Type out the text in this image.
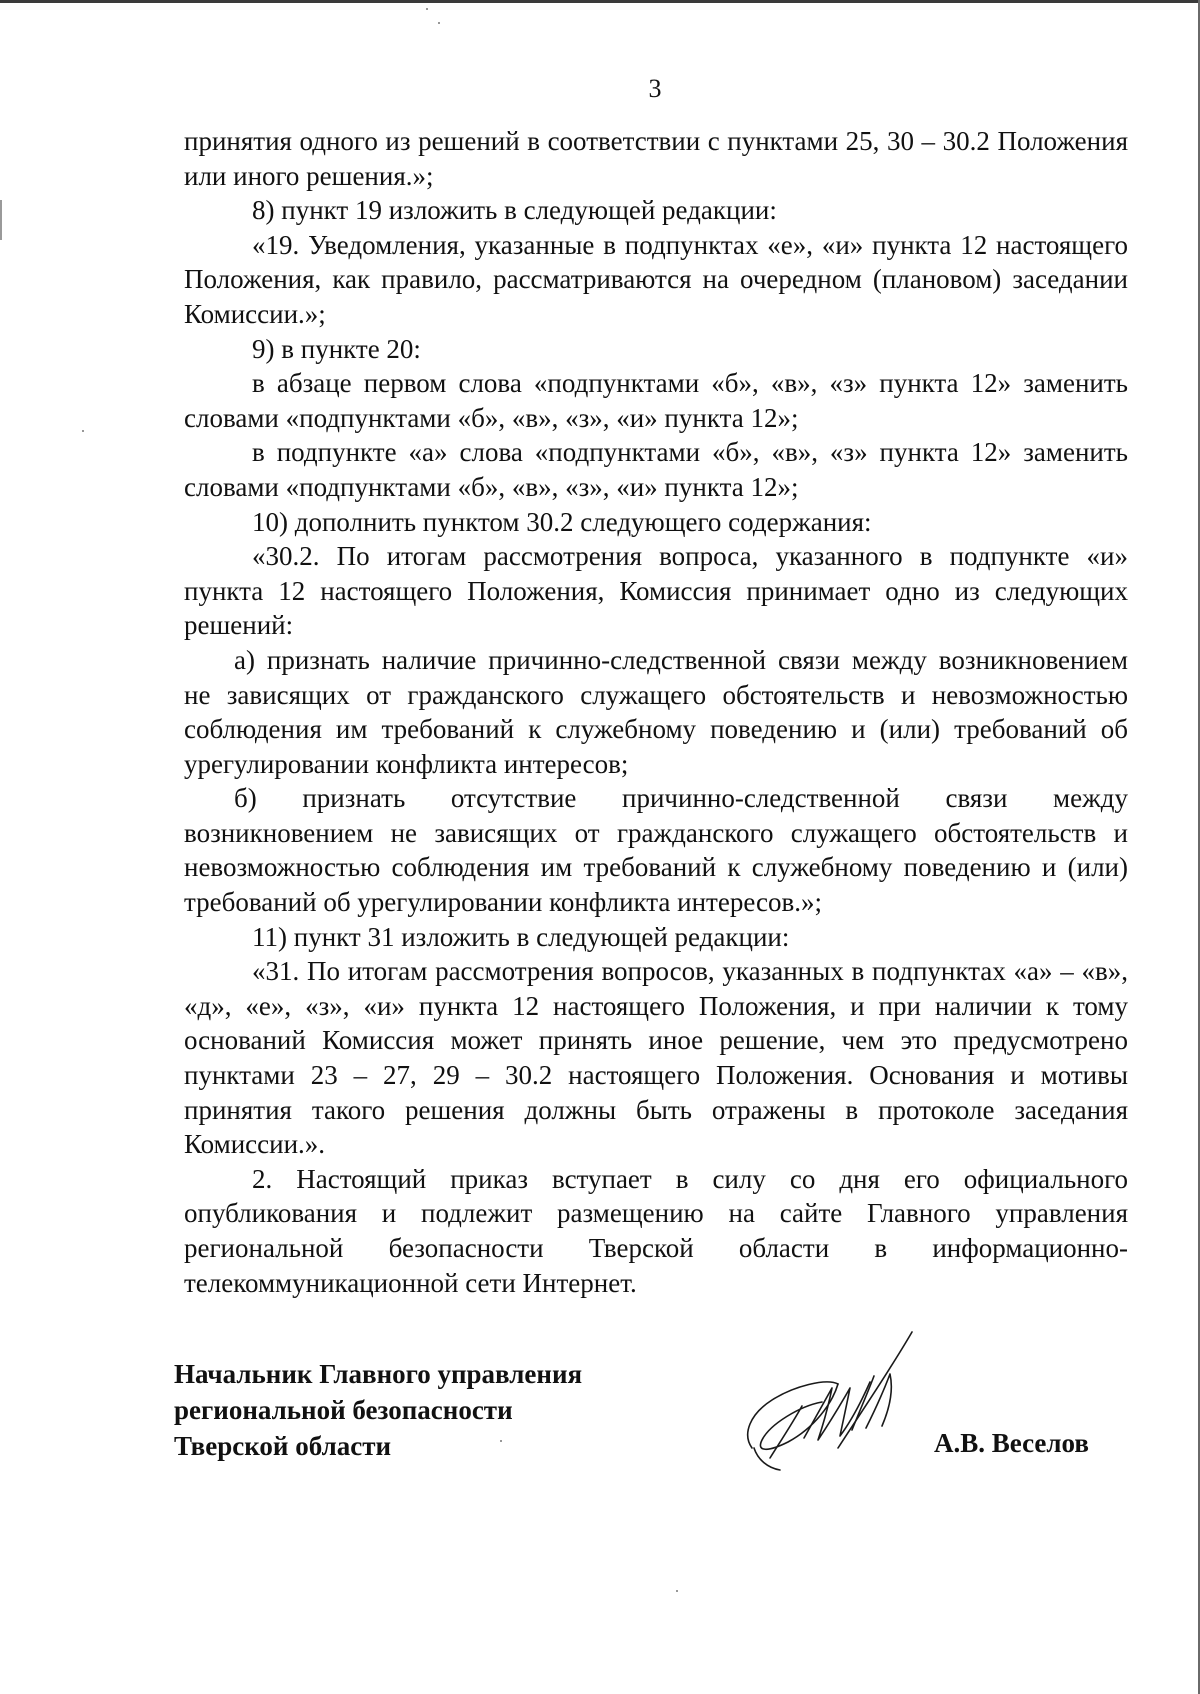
3

принятия одного из решений в соответствии с пунктами 25, 30 – 30.2 Положения или иного решения.»;

8) пункт 19 изложить в следующей редакции:

«19. Уведомления, указанные в подпунктах «е», «и» пункта 12 настоящего Положения, как правило, рассматриваются на очередном (плановом) заседании Комиссии.»;

9) в пункте 20:

в абзаце первом слова «подпунктами «б», «в», «з» пункта 12» заменить словами «подпунктами «б», «в», «з», «и» пункта 12»;

в подпункте «а» слова «подпунктами «б», «в», «з» пункта 12» заменить словами «подпунктами «б», «в», «з», «и» пункта 12»;

10) дополнить пунктом 30.2 следующего содержания:

«30.2. По итогам рассмотрения вопроса, указанного в подпункте «и» пункта 12 настоящего Положения, Комиссия принимает одно из следующих решений:

а) признать наличие причинно-следственной связи между возникновением не зависящих от гражданского служащего обстоятельств и невозможностью соблюдения им требований к служебному поведению и (или) требований об урегулировании конфликта интересов;

б) признать отсутствие причинно-следственной связи между возникновением не зависящих от гражданского служащего обстоятельств и невозможностью соблюдения им требований к служебному поведению и (или) требований об урегулировании конфликта интересов.»;

11) пункт 31 изложить в следующей редакции:

«31. По итогам рассмотрения вопросов, указанных в подпунктах «а» – «в», «д», «е», «з», «и» пункта 12 настоящего Положения, и при наличии к тому оснований Комиссия может принять иное решение, чем это предусмотрено пунктами 23 – 27, 29 – 30.2 настоящего Положения. Основания и мотивы принятия такого решения должны быть отражены в протоколе заседания Комиссии.».

2. Настоящий приказ вступает в силу со дня его официального опубликования и подлежит размещению на сайте Главного управления региональной безопасности Тверской области в информационно-телекоммуникационной сети Интернет.

Начальник Главного управления
региональной безопасности
Тверской области	А.В. Веселов
